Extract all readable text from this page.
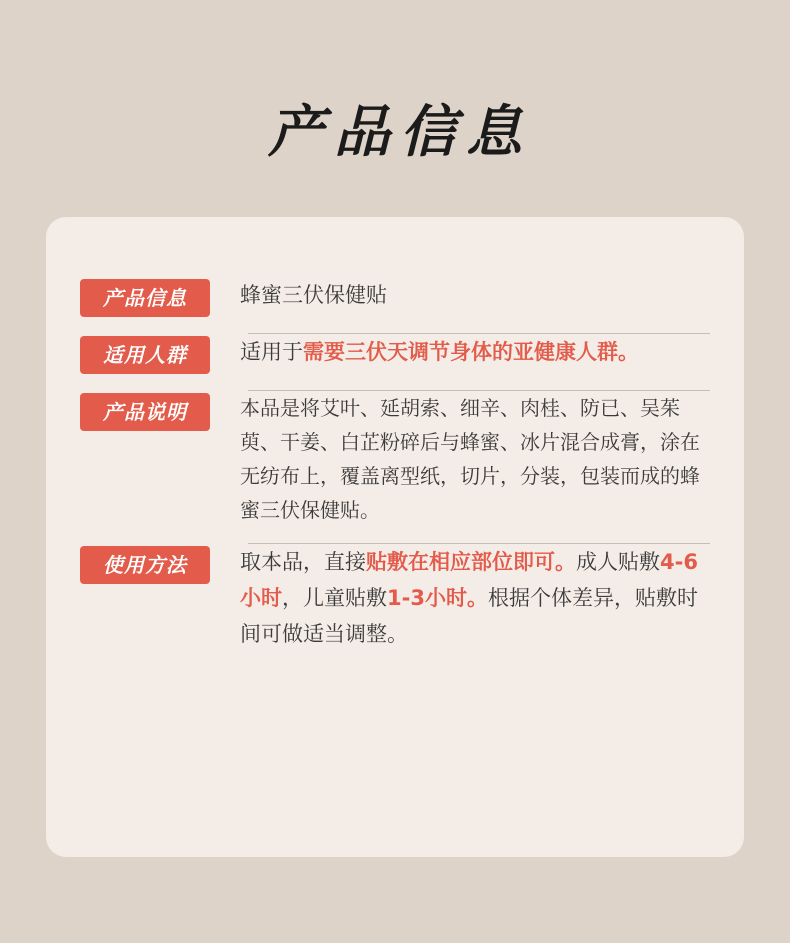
产品信息
产品信息	蜂蜜三伏保健贴
适用人群	适用于需要三伏天调节身体的亚健康人群。
产品说明	本品是将艾叶、延胡索、细辛、肉桂、防已、吴茱萸、干姜、白芷粉碎后与蜂蜜、冰片混合成膏，涂在无纺布上，覆盖离型纸，切片，分装，包装而成的蜂蜜三伏保健贴。
使用方法	取本品，直接贴敷在相应部位即可。成人贴敷4-6小时，儿童贴敷1-3小时。根据个体差异，贴敷时间可做适当调整。
